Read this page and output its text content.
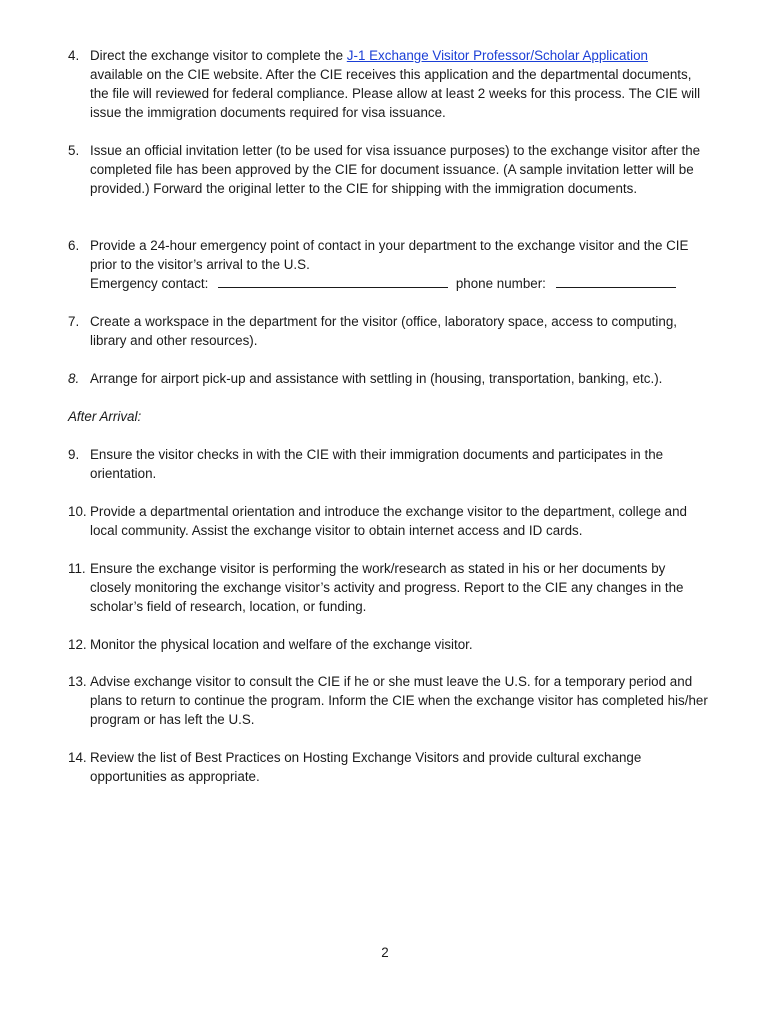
4. Direct the exchange visitor to complete the J-1 Exchange Visitor Professor/Scholar Application
available on the CIE website. After the CIE receives this application and the departmental documents, the file will reviewed for federal compliance. Please allow at least 2 weeks for this process. The CIE will issue the immigration documents required for visa issuance.
5. Issue an official invitation letter (to be used for visa issuance purposes) to the exchange visitor after the completed file has been approved by the CIE for document issuance. (A sample invitation letter will be provided.) Forward the original letter to the CIE for shipping with the immigration documents.
6. Provide a 24-hour emergency point of contact in your department to the exchange visitor and the CIE prior to the visitor’s arrival to the U.S.
Emergency contact:	phone number:
7. Create a workspace in the department for the visitor (office, laboratory space, access to computing, library and other resources).
8. Arrange for airport pick-up and assistance with settling in (housing, transportation, banking, etc.).
After Arrival:
9. Ensure the visitor checks in with the CIE with their immigration documents and participates in the orientation.
10. Provide a departmental orientation and introduce the exchange visitor to the department, college and local community. Assist the exchange visitor to obtain internet access and ID cards.
11. Ensure the exchange visitor is performing the work/research as stated in his or her documents by closely monitoring the exchange visitor’s activity and progress. Report to the CIE any changes in the scholar’s field of research, location, or funding.
12. Monitor the physical location and welfare of the exchange visitor.
13. Advise exchange visitor to consult the CIE if he or she must leave the U.S. for a temporary period and plans to return to continue the program. Inform the CIE when the exchange visitor has completed his/her program or has left the U.S.
14. Review the list of Best Practices on Hosting Exchange Visitors and provide cultural exchange opportunities as appropriate.
2
